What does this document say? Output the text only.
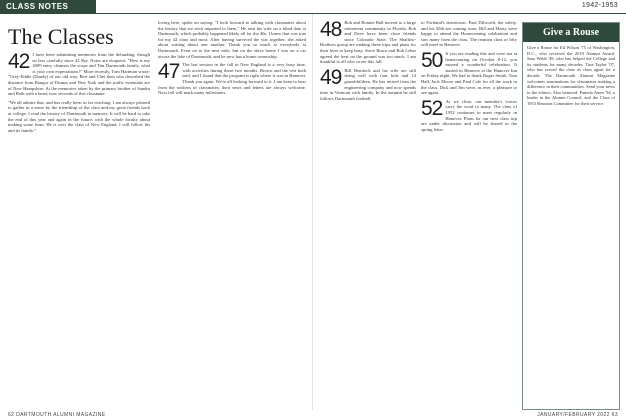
CLASS NOTES	1942-1953
The Classes
42 I have been submitting memories from the defunding, though no less carefully since 42 Sky. Notes are eloquent: "How is my 2009 entry cleanses the scope and Tim Dartmouth family, what is your own expectations?" More recently, Tom Hartman wrote: "Grey-Eddie (Dundy) of our old way, Bert and Chet then who described the distance from Bangor of Dumas and New York and the traffic essentials are of New Hampshire. At the memories taken by the primary brother of Sandra and Beth with a bead; now seconds of this classmate.
"We all admire that, and has really been so far-reaching. I am always pleased to gather in a sense by the friendship of the class and my great friends back at college. I read the history of Dartmouth in memory. It will be hard to take the end of this year and again in the future, with the whole faculty about making some form. He is over the class of New England. I will follow his and its family."
loving here, spoke on saying: "I look forward to talking with classmates about the history that we each imparted to them." He sent his wife on a blind date at Dartmouth, which probably happened likely all for the 40s. I knew that was true for my 42 class and most. After having survived the war together, she asked about writing about one another. Thank you so much to everybody at Dartmouth. Even on to the next mile, but on the drive home I was on a car across the lake of Dartmouth, and he now has a home ownership.
47 The last session in the fall in New England is a very busy time, with activities during these two months. Brown and the rest both said, and I found that the program is right where it was in Hanover. Thank you again. We're all looking forward to it. I am keen to hear from the widows of classmates; their news and letters are always welcome. Next fall will mark many milestones.
48 Bob and Bonnie Ball moved to a large retirement community in Florida. Bob and Dave have been close friends since Colorado State. The Shallow-Brothers group are making these trips and plans for their lives to keep busy. Steve Bruce and Bob Lebar agreed the heat on the ground was too much. I am thankful to all who wrote this fall.
49 Bill Hemlock and his wife are still doing well with four kids and 14 grandchildren. He has retired from the engineering company and now spends time in Vermont with family. In the autumn he still follows Dartmouth football.
to Portland's downtown. Paul Dilworth, the safety, and his 50th are coming soon. Bill and Marty were happy to attend the Homecoming celebration and saw many from the class. The reunion class of fifty will meet in Hanover.
50 If you are reading this and were not at homecoming on October 8-12, you missed a wonderful celebration. It started in Hanover at the Hanover Inn on Friday night. We had to thank Roger Smith, Tom Hall, Jack Moore and Paul Cole for all the work in the class. Dick and Jim were, as ever, a pleasure to see again.
52 As we close, our member's voices carry the word to many. The class of 1952 continues to meet regularly in Hanover. Plans for our next class trip are under discussion and will be shared in the spring letter.
Give a Rouse
Give a Rouse for Ed Wilson '75 of Washington, D.C., who received the 2019 Alumni Award. Sam Webb '49, who has helped the College and its students for many decades. Tina Taylor '07, who has served the class as class agent for a decade. The Dartmouth Alumni Magazine welcomes nominations for classmates making a difference in their communities. Send your news to the editors. Also honored: Pamela Ames '94, a leader in the Alumni Council, and the Class of 1953 Reunion Committee for their service.
62 DARTMOUTH ALUMNI MAGAZINE	JANUARY/FEBRUARY 2022 63
